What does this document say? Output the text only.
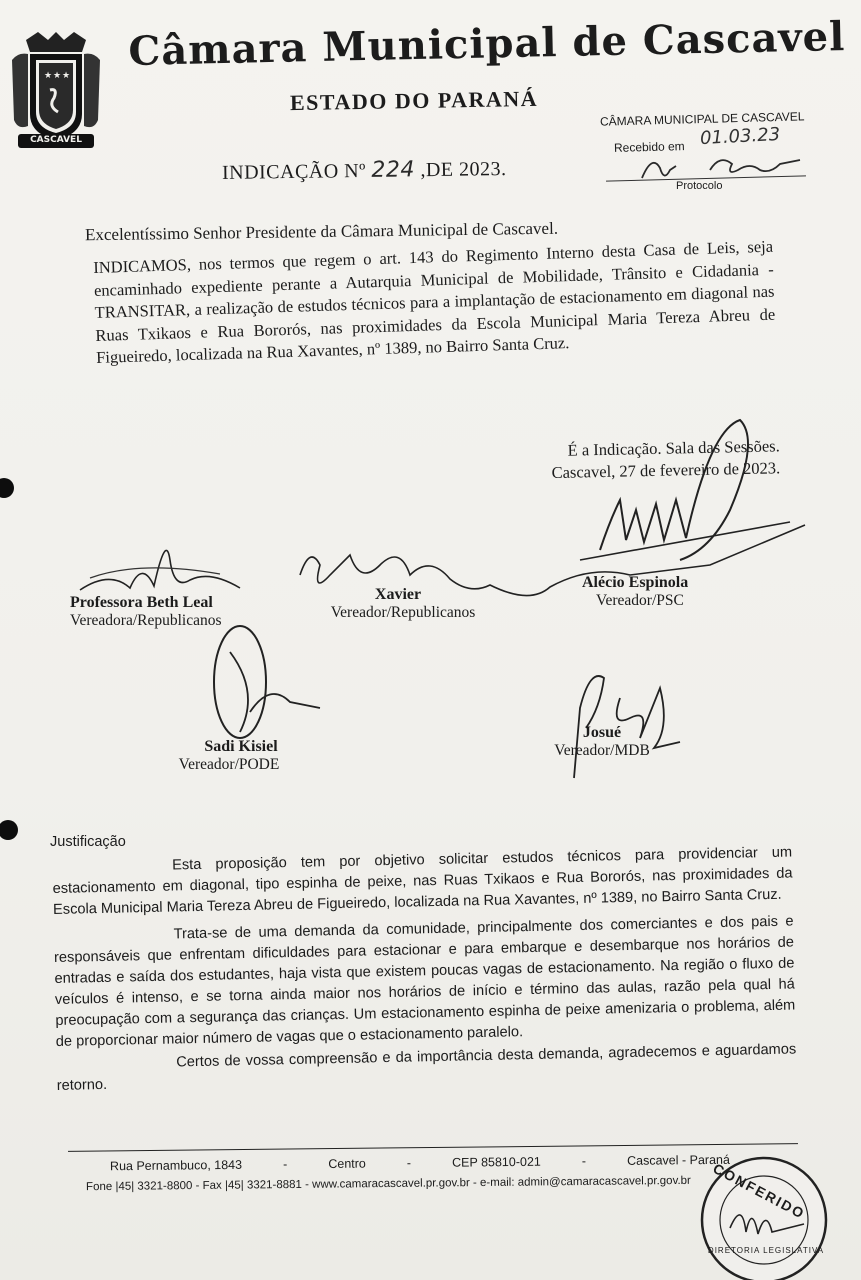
★ ★ ★
CASCAVEL
Câmara Municipal de Cascavel
ESTADO DO PARANÁ
CÂMARA MUNICIPAL DE CASCAVEL
Recebido em 01.03.23
Protocolo
INDICAÇÃO Nº 224 ,DE 2023.
Excelentíssimo Senhor Presidente da Câmara Municipal de Cascavel.
INDICAMOS, nos termos que regem o art. 143 do Regimento Interno desta Casa de Leis, seja encaminhado expediente perante a Autarquia Municipal de Mobilidade, Trânsito e Cidadania - TRANSITAR, a realização de estudos técnicos para a implantação de estacionamento em diagonal nas Ruas Txikaos e Rua Bororós, nas proximidades da Escola Municipal Maria Tereza Abreu de Figueiredo, localizada na Rua Xavantes, nº 1389, no Bairro Santa Cruz.
É a Indicação. Sala das Sessões.
Cascavel, 27 de fevereiro de 2023.
Professora Beth Leal
Vereadora/Republicanos
Xavier
Vereador/Republicanos
Alécio Espinola
Vereador/PSC
Sadi Kisiel
Vereador/PODE
Josué
Vereador/MDB
Justificação

Esta proposição tem por objetivo solicitar estudos técnicos para providenciar um estacionamento em diagonal, tipo espinha de peixe, nas Ruas Txikaos e Rua Bororós, nas proximidades da Escola Municipal Maria Tereza Abreu de Figueiredo, localizada na Rua Xavantes, nº 1389, no Bairro Santa Cruz.

Trata-se de uma demanda da comunidade, principalmente dos comerciantes e dos pais e responsáveis que enfrentam dificuldades para estacionar e para embarque e desembarque nos horários de entradas e saída dos estudantes, haja vista que existem poucas vagas de estacionamento. Na região o fluxo de veículos é intenso, e se torna ainda maior nos horários de início e término das aulas, razão pela qual há preocupação com a segurança das crianças. Um estacionamento espinha de peixe amenizaria o problema, além de proporcionar maior número de vagas que o estacionamento paralelo.

Certos de vossa compreensão e da importância desta demanda, agradecemos e aguardamos retorno.

Rua Pernambuco, 1843	-	Centro	-	CEP 85810-021	-	Cascavel - Paraná
Fone |45| 3321-8800 - Fax |45| 3321-8881 - www.camaracascavel.pr.gov.br - e-mail: admin@camaracascavel.pr.gov.br CONFERIDO
DIRETORIA LEGISLATIVA
